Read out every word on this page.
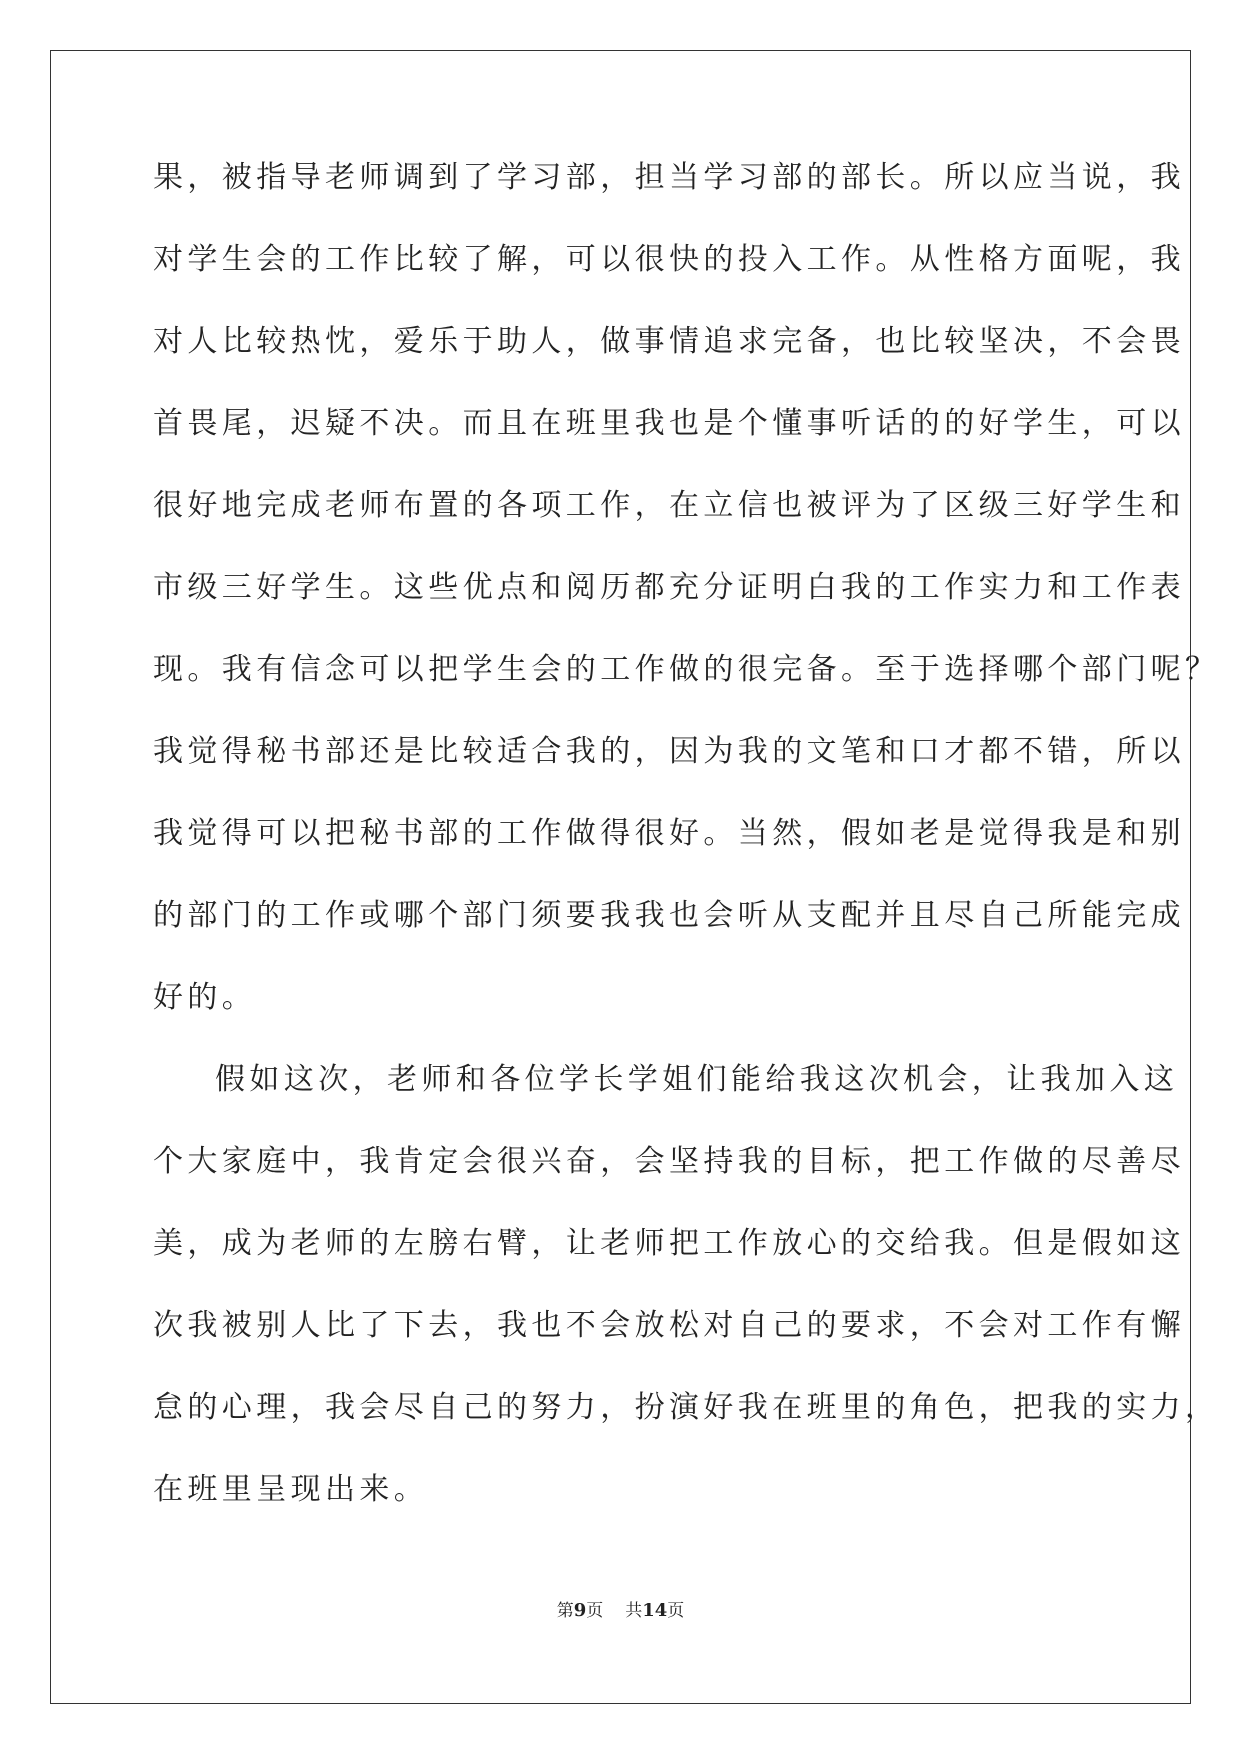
果，被指导老师调到了学习部，担当学习部的部长。所以应当说，我
对学生会的工作比较了解，可以很快的投入工作。从性格方面呢，我
对人比较热忱，爱乐于助人，做事情追求完备，也比较坚决，不会畏
首畏尾，迟疑不决。而且在班里我也是个懂事听话的的好学生，可以
很好地完成老师布置的各项工作，在立信也被评为了区级三好学生和
市级三好学生。这些优点和阅历都充分证明白我的工作实力和工作表
现。我有信念可以把学生会的工作做的很完备。至于选择哪个部门呢？
我觉得秘书部还是比较适合我的，因为我的文笔和口才都不错，所以
我觉得可以把秘书部的工作做得很好。当然，假如老是觉得我是和别
的部门的工作或哪个部门须要我我也会听从支配并且尽自己所能完成
好的。
假如这次，老师和各位学长学姐们能给我这次机会，让我加入这
个大家庭中，我肯定会很兴奋，会坚持我的目标，把工作做的尽善尽
美，成为老师的左膀右臂，让老师把工作放心的交给我。但是假如这
次我被别人比了下去，我也不会放松对自己的要求，不会对工作有懈
怠的心理，我会尽自己的努力，扮演好我在班里的角色，把我的实力，
在班里呈现出来。
第9页 共14页
